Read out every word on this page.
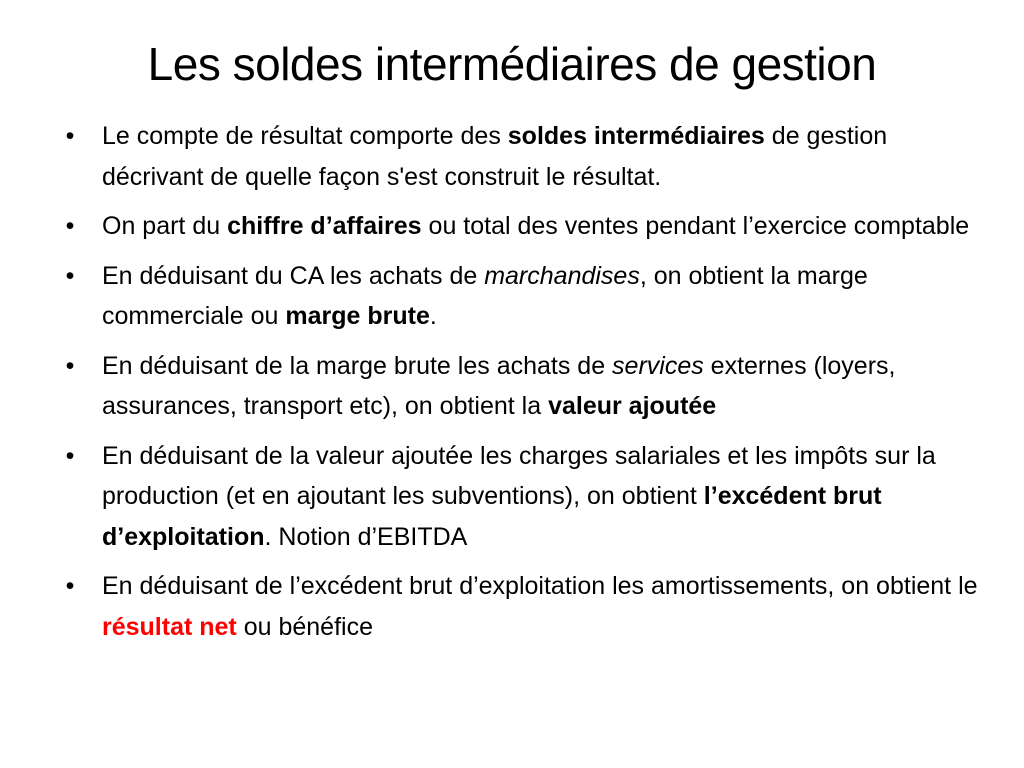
Les soldes intermédiaires de gestion
• Le compte de résultat comporte des soldes intermédiaires de gestion décrivant de quelle façon s'est construit le résultat.
• On part du chiffre d’affaires ou total des ventes pendant l’exercice comptable
• En déduisant du CA les achats de marchandises, on obtient la marge commerciale ou marge brute.
• En déduisant de la marge brute les achats de services externes (loyers, assurances, transport etc), on obtient la valeur ajoutée
• En déduisant de la valeur ajoutée les charges salariales et les impôts sur la production (et en ajoutant les subventions), on obtient l’excédent brut d’exploitation. Notion d’EBITDA
• En déduisant de l’excédent brut d’exploitation les amortissements, on obtient le résultat net ou bénéfice
